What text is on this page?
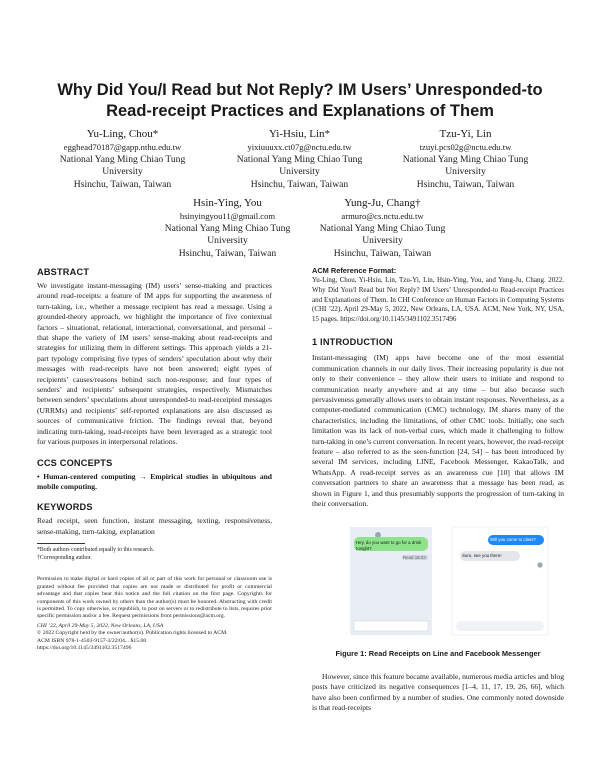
Why Did You/I Read but Not Reply? IM Users’ Unresponded-to
Read-receipt Practices and Explanations of Them
Yu-Ling, Chou*
egghead70187@gapp.nthu.edu.tw
National Yang Ming Chiao Tung
University
Hsinchu, Taiwan, Taiwan
Yi-Hsiu, Lin*
yixiuuuxx.ct07g@nctu.edu.tw
National Yang Ming Chiao Tung
University
Hsinchu, Taiwan, Taiwan
Tzu-Yi, Lin
tzuyi.pcs02g@nctu.edu.tw
National Yang Ming Chiao Tung
University
Hsinchu, Taiwan, Taiwan
Hsin-Ying, You
hsinyingyou11@gmail.com
National Yang Ming Chiao Tung
University
Hsinchu, Taiwan, Taiwan
Yung-Ju, Chang†
armuro@cs.nctu.edu.tw
National Yang Ming Chiao Tung
University
Hsinchu, Taiwan, Taiwan
ABSTRACT

We investigate instant-messaging (IM) users’ sense-making and practices around read-receipts: a feature of IM apps for supporting the awareness of turn-taking, i.e., whether a message recipient has read a message. Using a grounded-theory approach, we highlight the importance of five contextual factors – situational, relational, interactional, conversational, and personal – that shape the variety of IM users’ sense-making about read-receipts and strategies for utilizing them in different settings. This approach yields a 21-part typology comprising five types of senders’ speculation about why their messages with read-receipts have not been answered; eight types of recipients’ causes/reasons behind such non-response; and four types of senders’ and recipients’ subsequent strategies, respectively. Mismatches between senders’ speculations about unresponded-to read-receipted messages (URRMs) and recipients’ self-reported explanations are also discussed as sources of communicative friction. The findings reveal that, beyond indicating turn-taking, read-receipts have been leveraged as a strategic tool for various purposes in interpersonal relations.

CCS CONCEPTS

• Human-centered computing → Empirical studies in ubiquitous and mobile computing.

KEYWORDS

Read receipt, seen function, instant messaging, texting, responsiveness, sense-making, turn-taking, explanation

*Both authors contributed equally to this research.
†Corresponding author.

Permission to make digital or hard copies of all or part of this work for personal or classroom use is granted without fee provided that copies are not made or distributed for profit or commercial advantage and that copies bear this notice and the full citation on the first page. Copyrights for components of this work owned by others than the author(s) must be honored. Abstracting with credit is permitted. To copy otherwise, or republish, to post on servers or to redistribute to lists, requires prior specific permission and/or a fee. Request permissions from permissions@acm.org.

CHI ’22, April 29-May 5, 2022, New Orleans, LA, USA
© 2022 Copyright held by the owner/author(s). Publication rights licensed to ACM.
ACM ISBN 978-1-4503-9157-3/22/04... $15.00
https://doi.org/10.1145/3491102.3517496
ACM Reference Format:

Yu-Ling, Chou, Yi-Hsiu, Lin, Tzu-Yi, Lin, Hsin-Ying, You, and Yung-Ju, Chang. 2022. Why Did You/I Read but Not Reply? IM Users’ Unresponded-to Read-receipt Practices and Explanations of Them. In CHI Conference on Human Factors in Computing Systems (CHI ’22), April 29-May 5, 2022, New Orleans, LA, USA. ACM, New York, NY, USA, 15 pages. https://doi.org/10.1145/3491102.3517496

1 INTRODUCTION

Instant-messaging (IM) apps have become one of the most essential communication channels in our daily lives. Their increasing popularity is due not only to their convenience – they allow their users to initiate and respond to communication nearly anywhere and at any time – but also because such pervasiveness generally allows users to obtain instant responses. Nevertheless, as a computer-mediated communication (CMC) technology, IM shares many of the characteristics, including the limitations, of other CMC tools. Initially, one such limitation was its lack of non-verbal cues, which made it challenging to follow turn-taking in one’s current conversation. In recent years, however, the read-receipt feature – also referred to as the seen-function [24, 54] – has been introduced by several IM services, including LINE, Facebook Messenger, KakaoTalk, and WhatsApp. A read-receipt serves as an awareness cue [10] that allows IM conversation partners to share an awareness that a message has been read, as shown in Figure 1, and thus presumably supports the progression of turn-taking in their conversation.

Hey, do you want to go for a drink tonight?
Read 19:22
Will you come to class?
Sure, see you there!
Figure 1: Read Receipts on Line and Facebook Messenger

However, since this feature became available, numerous media articles and blog posts have criticized its negative consequences [1–4, 11, 17, 19, 26, 66], which have also been confirmed by a number of studies. One commonly noted downside is that read-receipts
